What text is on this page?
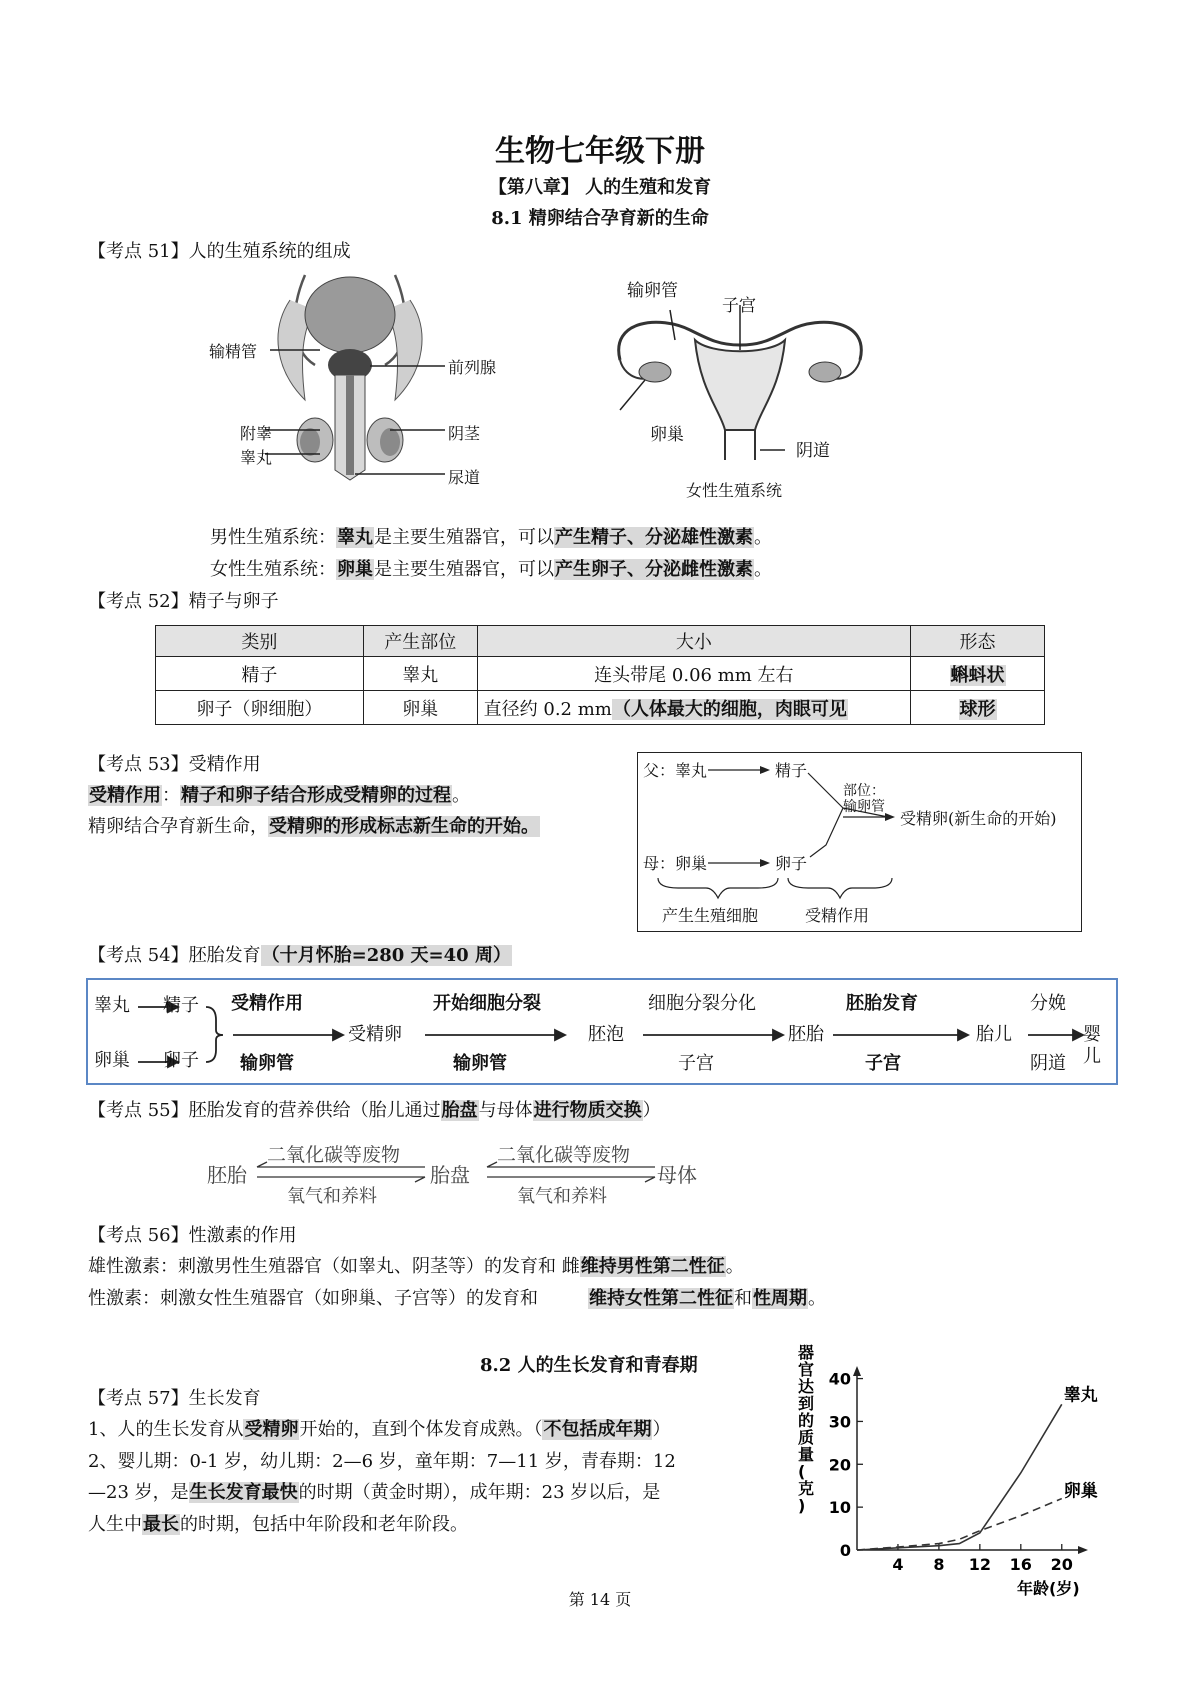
生物七年级下册
【第八章】 人的生殖和发育
8.1 精卵结合孕育新的生命
【考点 51】人的生殖系统的组成
输精管
前列腺
附睾	阴茎
睾丸
尿道
输卵管
子宫
卵巢
阴道
女性生殖系统
男性生殖系统：睾丸是主要生殖器官，可以产生精子、分泌雄性激素。
女性生殖系统：卵巢是主要生殖器官，可以产生卵子、分泌雌性激素。
【考点 52】精子与卵子
类别	产生部位	大小	形态
精子	睾丸	连头带尾 0.06 mm 左右	蝌蚪状
卵子（卵细胞）	卵巢	直径约 0.2 mm（人体最大的细胞，肉眼可见	球形
【考点 53】受精作用
受精作用：精子和卵子结合形成受精卵的过程。
精卵结合孕育新生命，受精卵的形成标志新生命的开始。
父：睾丸	精子
部位：
输卵管
受精卵(新生命的开始)
母：卵巢	卵子
产生生殖细胞	受精作用
【考点 54】胚胎发育（十月怀胎=280 天=40 周）
睾丸 精子
卵巢 卵子
受精作用
输卵管
受精卵
开始细胞分裂
输卵管
胚泡
细胞分裂分化
子宫
胚胎
胚胎发育
子宫
胎儿
分娩
阴道
婴儿
【考点 55】胚胎发育的营养供给（胎儿通过胎盘与母体进行物质交换）
胚胎
二氧化碳等废物
氧气和养料
胎盘
二氧化碳等废物
氧气和养料
母体
【考点 56】性激素的作用
雄性激素：刺激男性生殖器官（如睾丸、阴茎等）的发育和 雌维持男性第二性征。
性激素：刺激女性生殖器官（如卵巢、子宫等）的发育和	维持女性第二性征和性周期。
8.2 人的生长发育和青春期
【考点 57】生长发育
1、人的生长发育从受精卵开始的，直到个体发育成熟。（不包括成年期）
2、婴儿期：0-1 岁，幼儿期：2—6 岁，童年期：7—11 岁，青春期：12
—23 岁，是生长发育最快的时期（黄金时期），成年期：23 岁以后，是
人生中最长的时期，包括中年阶段和老年阶段。
0
10
20
30
40
4 8 12 16 20
睾丸
卵巢
器
官
达
到
的
质
量
(
克
)
年龄(岁)
第 14 页
